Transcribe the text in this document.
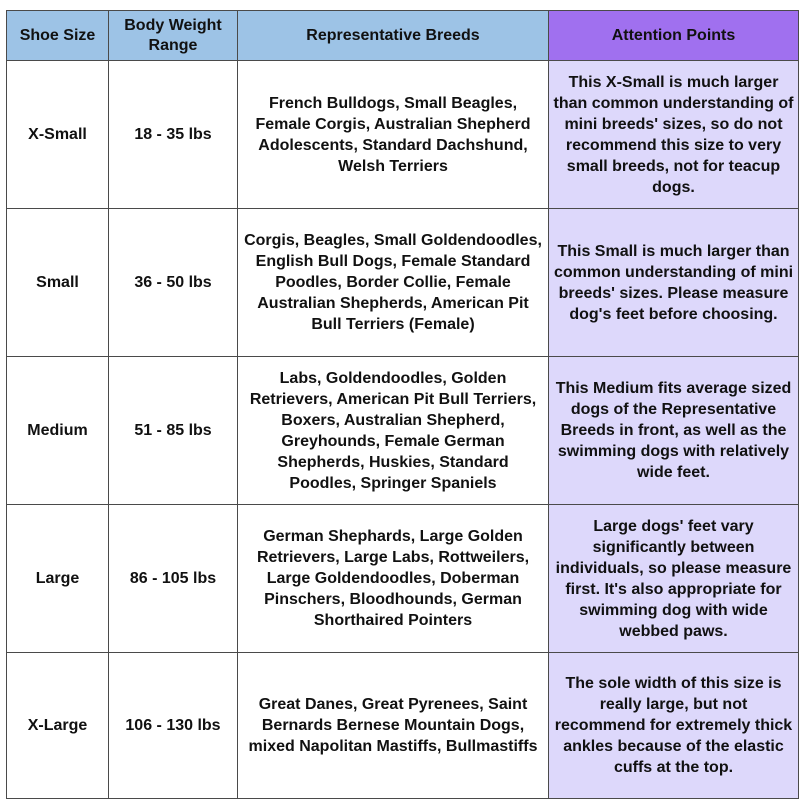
Shoe Size	Body Weight Range	Representative Breeds	Attention Points
X-Small	18 - 35 lbs	French Bulldogs, Small Beagles, Female Corgis, Australian Shepherd Adolescents, Standard Dachshund, Welsh Terriers	This X-Small is much larger than common understanding of mini breeds' sizes, so do not recommend this size to very small breeds, not for teacup dogs.
Small	36 - 50 lbs	Corgis, Beagles, Small Goldendoodles, English Bull Dogs, Female Standard Poodles, Border Collie, Female Australian Shepherds, American Pit Bull Terriers (Female)	This Small is much larger than common understanding of mini breeds' sizes. Please measure dog's feet before choosing.
Medium	51 - 85 lbs	Labs, Goldendoodles, Golden Retrievers, American Pit Bull Terriers, Boxers, Australian Shepherd, Greyhounds, Female German Shepherds, Huskies, Standard Poodles, Springer Spaniels	This Medium fits average sized dogs of the Representative Breeds in front, as well as the swimming dogs with relatively wide feet.
Large	86 - 105 lbs	German Shephards, Large Golden Retrievers, Large Labs, Rottweilers, Large Goldendoodles, Doberman Pinschers, Bloodhounds, German Shorthaired Pointers	Large dogs' feet vary significantly between individuals, so please measure first. It's also appropriate for swimming dog with wide webbed paws.
X-Large	106 - 130 lbs	Great Danes, Great Pyrenees, Saint Bernards Bernese Mountain Dogs, mixed Napolitan Mastiffs, Bullmastiffs	The sole width of this size is really large, but not recommend for extremely thick ankles because of the elastic cuffs at the top.
